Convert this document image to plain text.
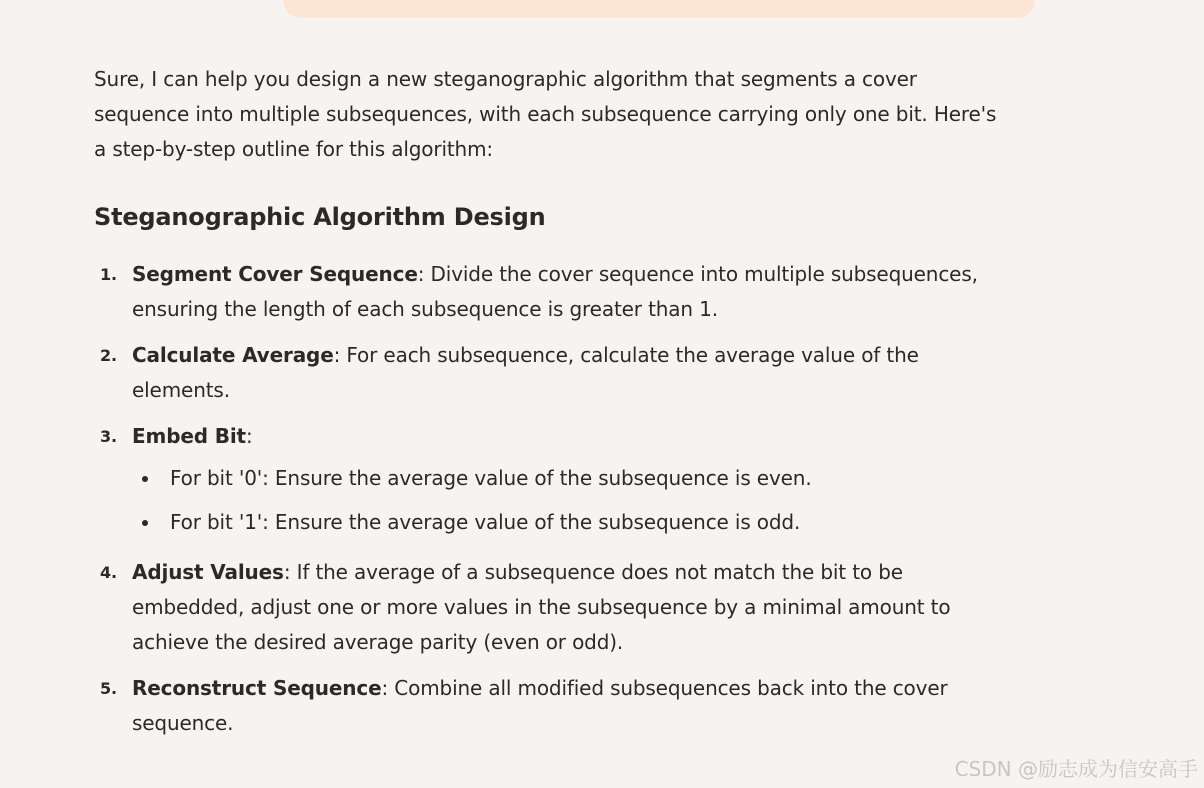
Sure, I can help you design a new steganographic algorithm that segments a cover sequence into multiple subsequences, with each subsequence carrying only one bit. Here's a step-by-step outline for this algorithm:

Steganographic Algorithm Design
1. Segment Cover Sequence: Divide the cover sequence into multiple subsequences, ensuring the length of each subsequence is greater than 1.
2. Calculate Average: For each subsequence, calculate the average value of the elements.
3. Embed Bit:
For bit '0': Ensure the average value of the subsequence is even.
For bit '1': Ensure the average value of the subsequence is odd.
4. Adjust Values: If the average of a subsequence does not match the bit to be embedded, adjust one or more values in the subsequence by a minimal amount to achieve the desired average parity (even or odd).
5. Reconstruct Sequence: Combine all modified subsequences back into the cover sequence.
CSDN @励志成为信安高手
